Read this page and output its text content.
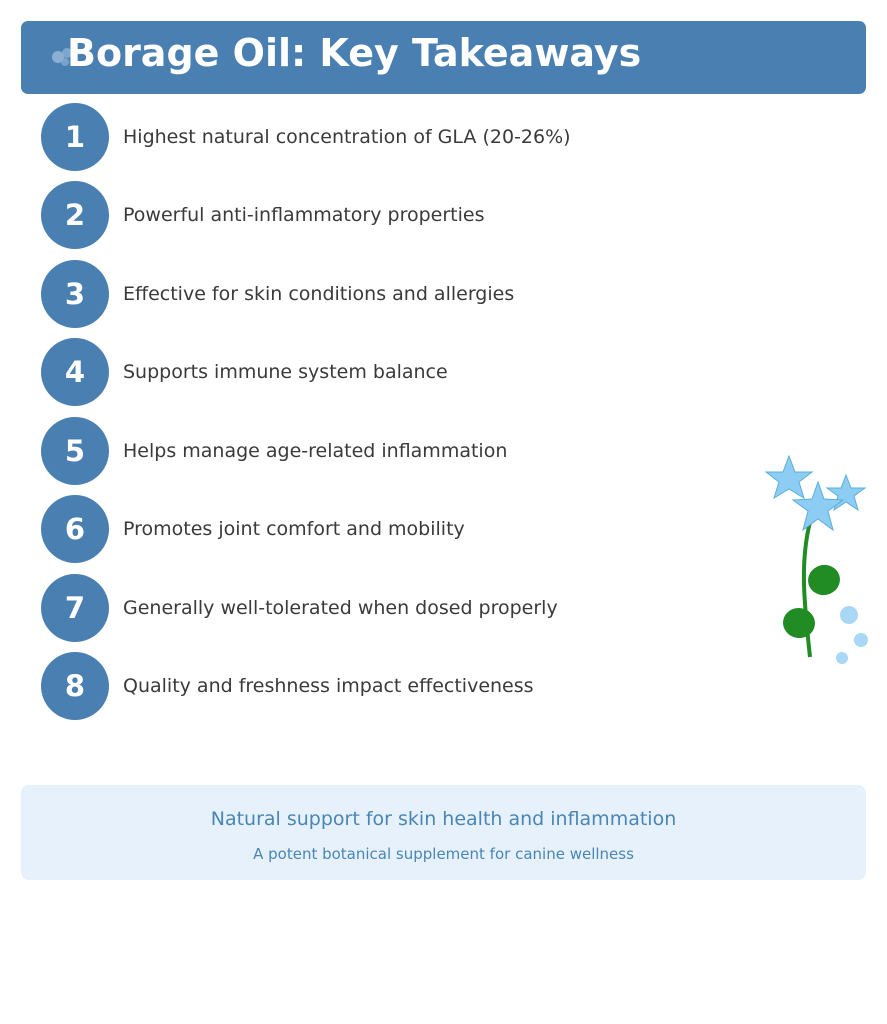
Borage Oil: Key Takeaways
1	Highest natural concentration of GLA (20-26%)
2	Powerful anti-inflammatory properties
3	Effective for skin conditions and allergies
4	Supports immune system balance
5	Helps manage age-related inflammation
6	Promotes joint comfort and mobility
7	Generally well-tolerated when dosed properly
8	Quality and freshness impact effectiveness
Natural support for skin health and inflammation
A potent botanical supplement for canine wellness
